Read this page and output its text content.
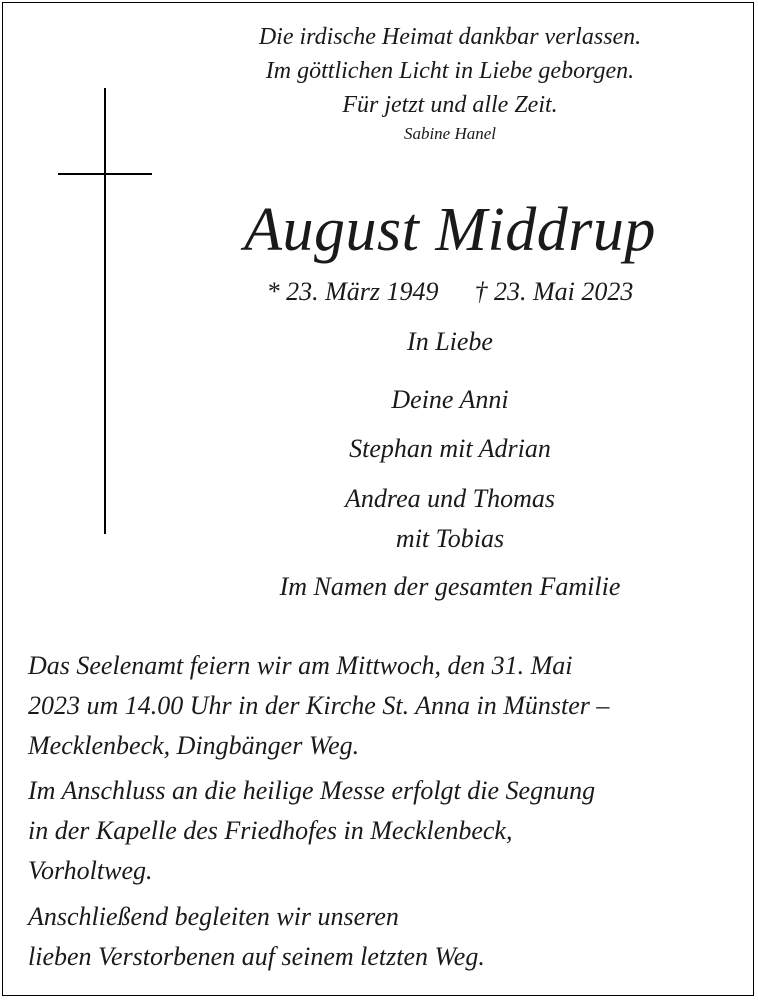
Die irdische Heimat dankbar verlassen.
Im göttlichen Licht in Liebe geborgen.
Für jetzt und alle Zeit.
Sabine Hanel
August Middrup
* 23. März 1949 † 23. Mai 2023
In Liebe
Deine Anni
Stephan mit Adrian
Andrea und Thomas
mit Tobias
Im Namen der gesamten Familie
Das Seelenamt feiern wir am Mittwoch, den 31. Mai
2023 um 14.00 Uhr in der Kirche St. Anna in Münster –
Mecklenbeck, Dingbänger Weg.
Im Anschluss an die heilige Messe erfolgt die Segnung
in der Kapelle des Friedhofes in Mecklenbeck,
Vorholtweg.
Anschließend begleiten wir unseren
lieben Verstorbenen auf seinem letzten Weg.
